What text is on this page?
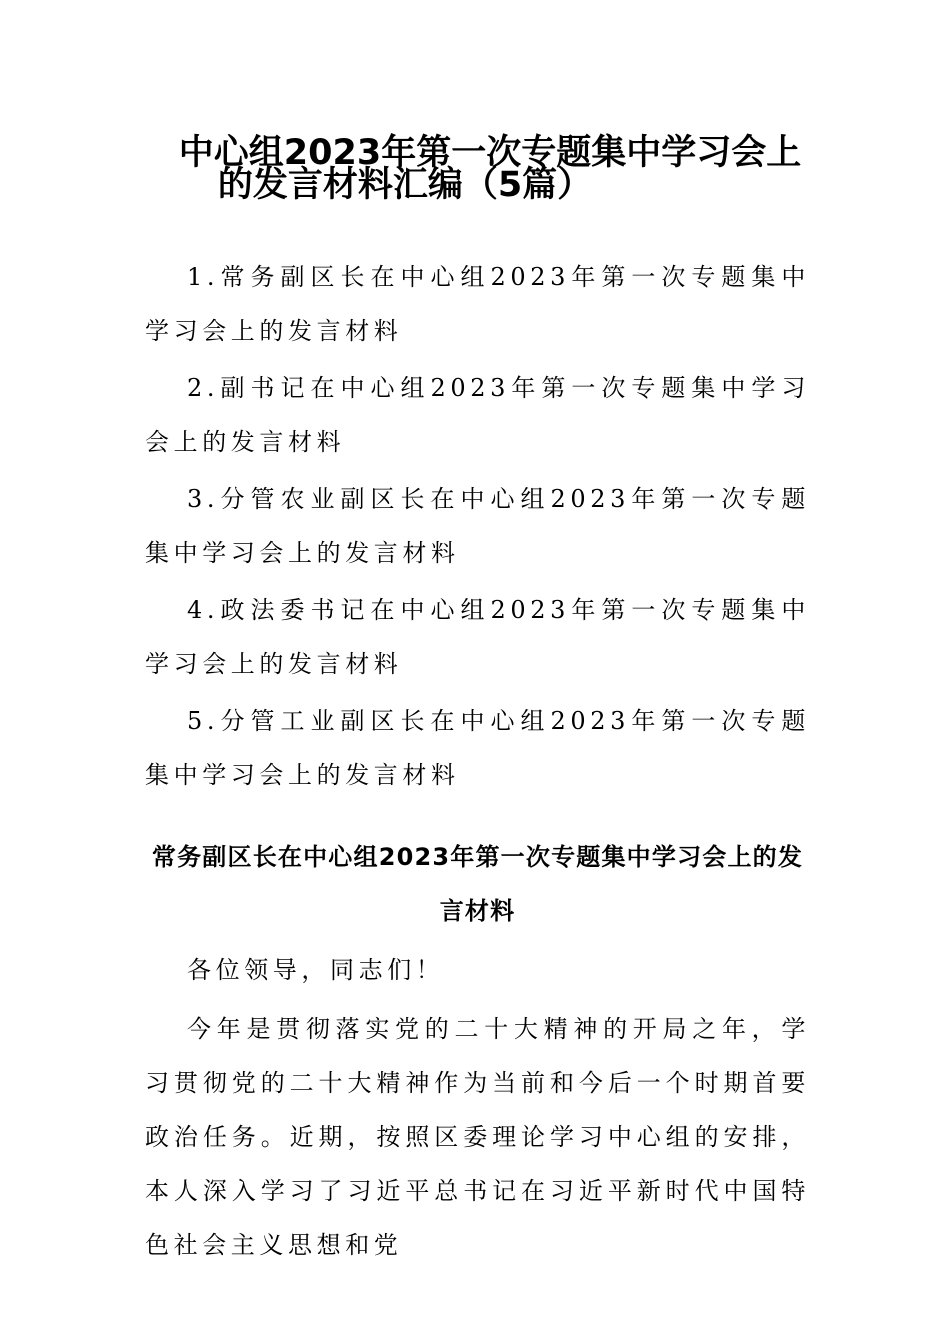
中心组2023年第一次专题集中学习会上
的发言材料汇编（5篇）
1.常务副区长在中心组2023年第一次专题集中学习会上的发言材料
2.副书记在中心组2023年第一次专题集中学习会上的发言材料
3.分管农业副区长在中心组2023年第一次专题集中学习会上的发言材料
4.政法委书记在中心组2023年第一次专题集中学习会上的发言材料
5.分管工业副区长在中心组2023年第一次专题集中学习会上的发言材料
常务副区长在中心组2023年第一次专题集中学习会上的发言材料
各位领导，同志们！
今年是贯彻落实党的二十大精神的开局之年，学习贯彻党的二十大精神作为当前和今后一个时期首要政治任务。近期，按照区委理论学习中心组的安排，本人深入学习了习近平总书记在习近平新时代中国特色社会主义思想和党
